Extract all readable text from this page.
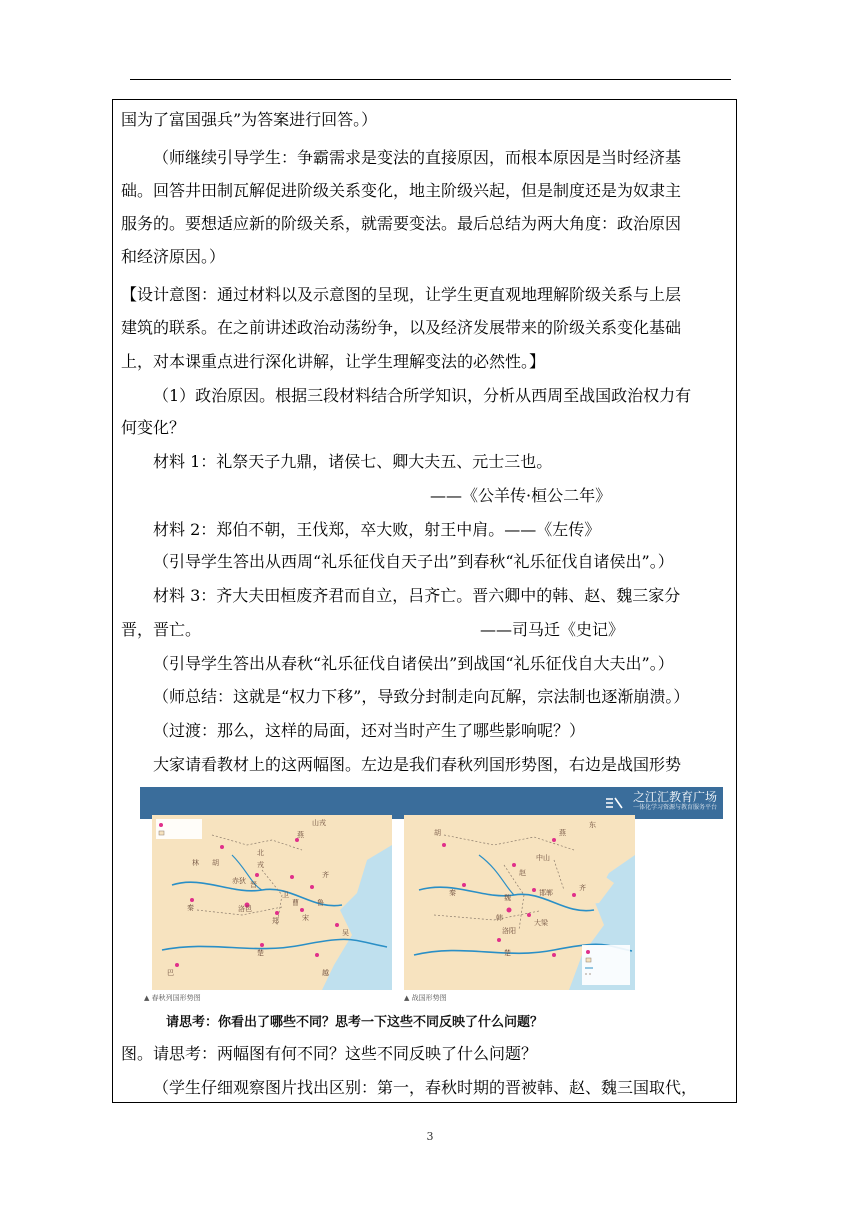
国为了富国强兵”为答案进行回答。）
（师继续引导学生：争霸需求是变法的直接原因，而根本原因是当时经济基
础。回答井田制瓦解促进阶级关系变化，地主阶级兴起，但是制度还是为奴隶主
服务的。要想适应新的阶级关系，就需要变法。最后总结为两大角度：政治原因
和经济原因。）
【设计意图：通过材料以及示意图的呈现，让学生更直观地理解阶级关系与上层
建筑的联系。在之前讲述政治动荡纷争，以及经济发展带来的阶级关系变化基础
上，对本课重点进行深化讲解，让学生理解变法的必然性。】
（1）政治原因。根据三段材料结合所学知识，分析从西周至战国政治权力有
何变化？
材料 1：礼祭天子九鼎，诸侯七、卿大夫五、元士三也。
——《公羊传·桓公二年》
材料 2：郑伯不朝，王伐郑，卒大败，射王中肩。——《左传》
（引导学生答出从西周“礼乐征伐自天子出”到春秋“礼乐征伐自诸侯出”。）
材料 3：齐大夫田桓废齐君而自立，吕齐亡。晋六卿中的韩、赵、魏三家分
晋，晋亡。	——司马迁《史记》
（引导学生答出从春秋“礼乐征伐自诸侯出”到战国“礼乐征伐自大夫出”。）
（师总结：这就是“权力下移”，导致分封制走向瓦解，宗法制也逐渐崩溃。）
（过渡：那么，这样的局面，还对当时产生了哪些影响呢？）
大家请看教材上的这两幅图。左边是我们春秋列国形势图，右边是战国形势
之江汇教育广场
一体化学习资源与教育服务平台
山戎
林 胡
燕
北
戎
赤狄 晋
卫
齐
鲁
郑	宋
洛邑
秦
楚
巴
曹
吴
越
东
胡	燕
赵
中山
魏
韩
齐
秦
楚
洛阳
大梁
邯郸
▲ 春秋列国形势图	▲ 战国形势图
请思考：你看出了哪些不同？思考一下这些不同反映了什么问题？
图。请思考：两幅图有何不同？这些不同反映了什么问题？
（学生仔细观察图片找出区别：第一，春秋时期的晋被韩、赵、魏三国取代，
3
